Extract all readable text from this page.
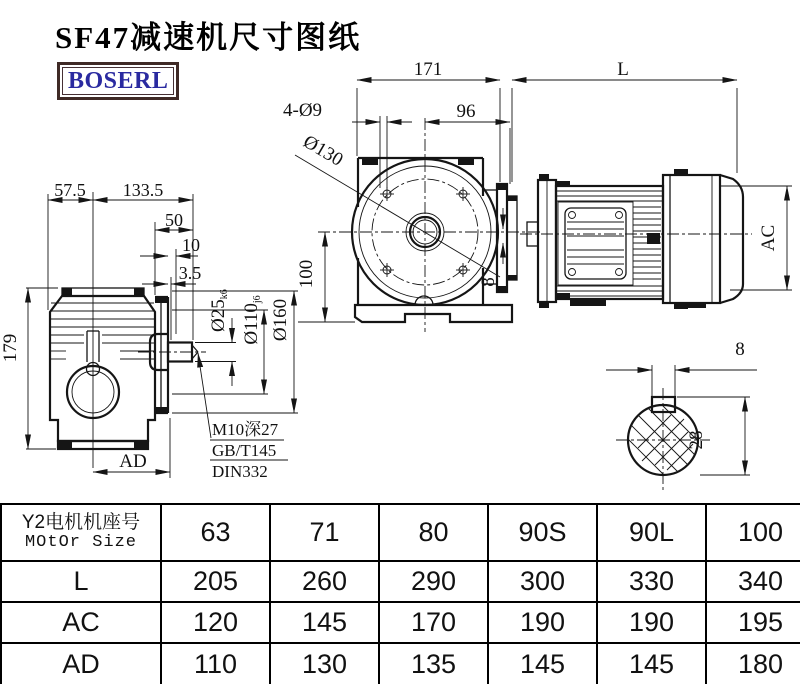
SF47减速机尺寸图纸
BOSERL
57.5 133.5
50
10
3.5
179
AD
Ø25k6
Ø110j6 Ø160
M10深27
GB/T145
DIN332
171	L
96
4-Ø9
Ø130
100	8
AC
8
28
Y2电机机座号
MOtOr Size	63	71	80	90S	90L	100
L	205	260	290	300	330	340
AC	120	145	170	190	190	195
AD	110	130	135	145	145	180
